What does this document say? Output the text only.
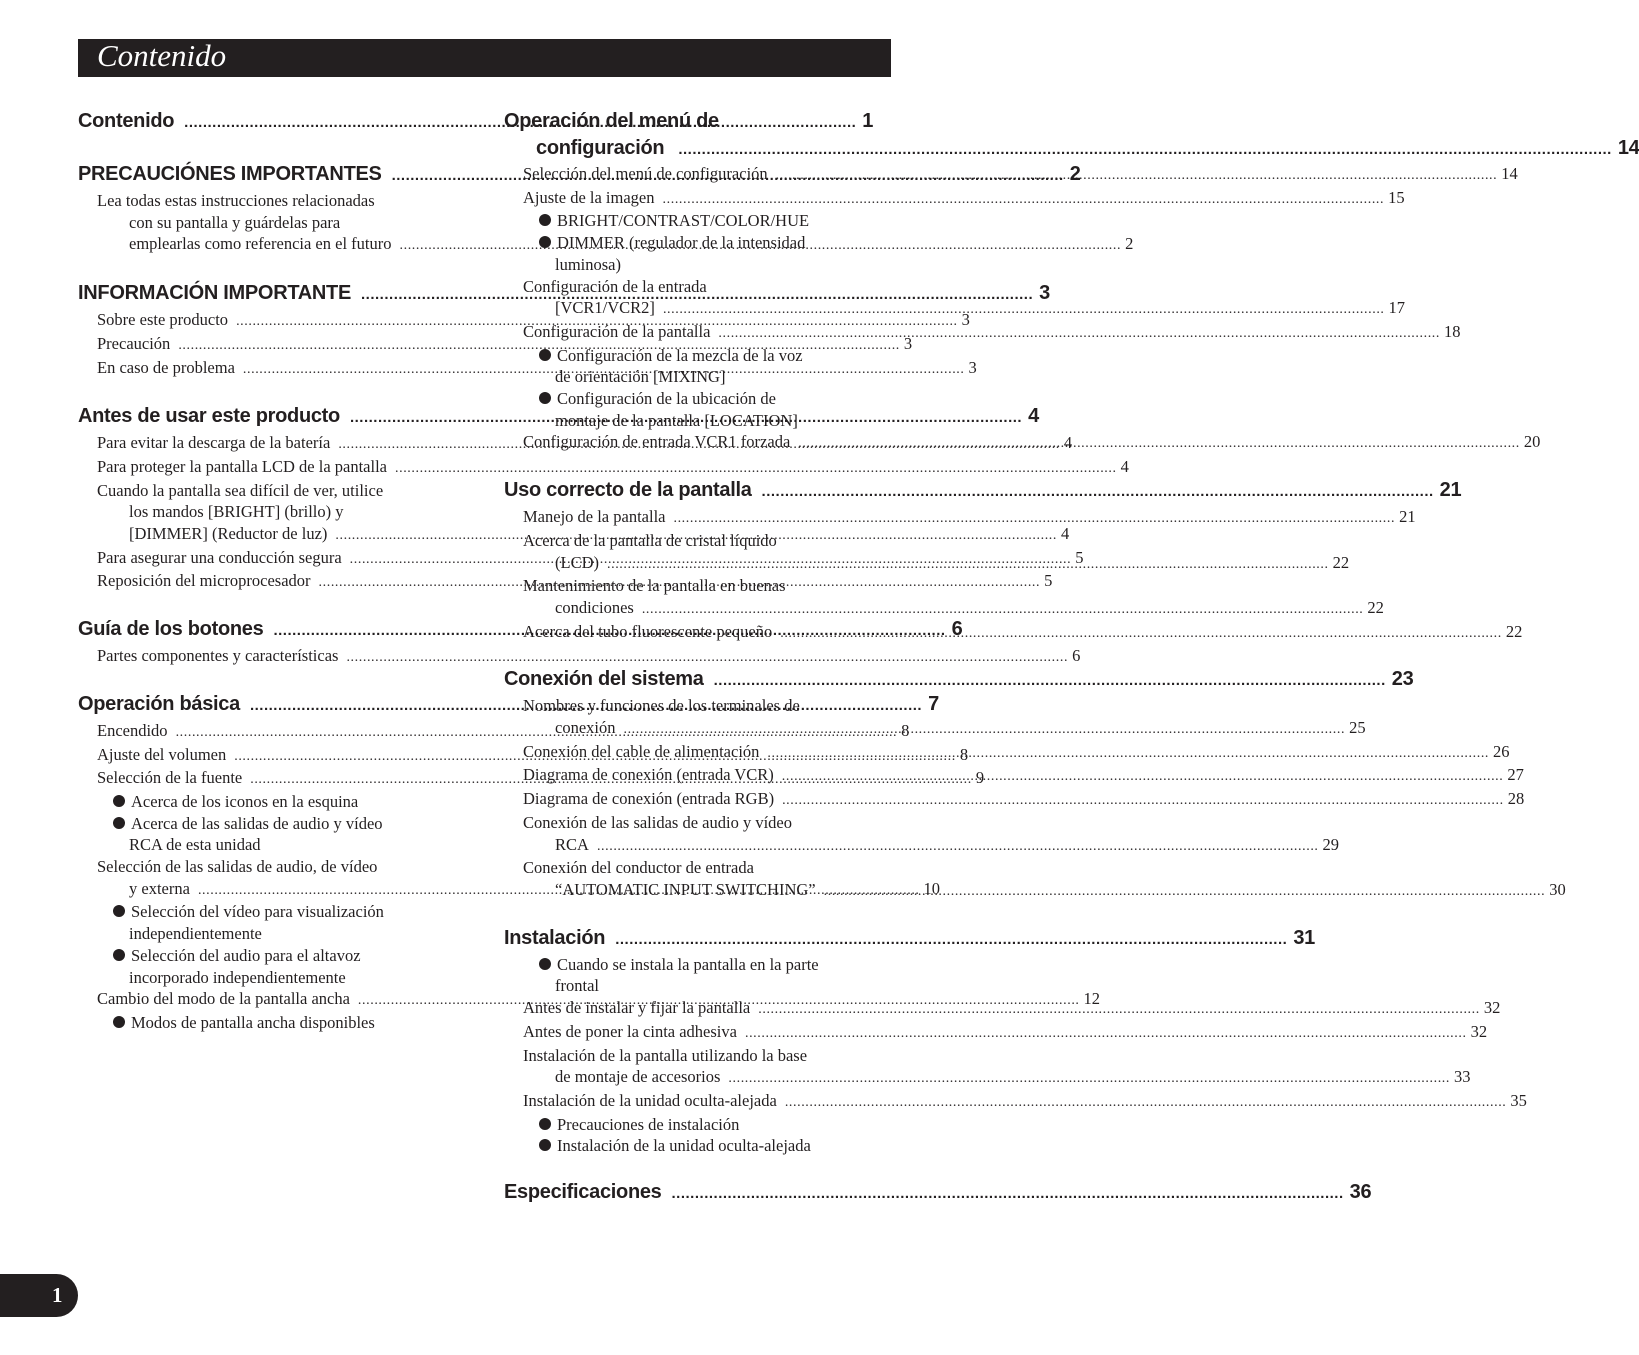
Contenido
Contenido .....	1
PRECAUCIÓNES IMPORTANTES .....	2
Lea todas estas instrucciones relacionadas
con su pantalla y guárdelas para
emplearlas como referencia en el futuro .....	2
INFORMACIÓN IMPORTANTE .....	3
Sobre este producto .....	3
Precaución .....	3
En caso de problema .....	3
Antes de usar este producto .....	4
Para evitar la descarga de la batería .....	4
Para proteger la pantalla LCD de la pantalla .....	4
Cuando la pantalla sea difícil de ver, utilice
los mandos [BRIGHT] (brillo) y
[DIMMER] (Reductor de luz) .....	4
Para asegurar una conducción segura .....	5
Reposición del microprocesador .....	5
Guía de los botones .....	6
Partes componentes y características .....	6
Operación básica .....	7
Encendido .....	8
Ajuste del volumen .....	8
Selección de la fuente .....	9
Acerca de los iconos en la esquina
Acerca de las salidas de audio y vídeo
RCA de esta unidad
Selección de las salidas de audio, de vídeo
y externa .....	10
Selección del vídeo para visualización
independientemente
Selección del audio para el altavoz
incorporado independientemente
Cambio del modo de la pantalla ancha .....	12
Modos de pantalla ancha disponibles
Operación del menú de
configuración ........................................................................................................................................................................................................ 14
Selección del menú de configuración .....	14
Ajuste de la imagen .....	15
BRIGHT/CONTRAST/COLOR/HUE
DIMMER (regulador de la intensidad
luminosa)
Configuración de la entrada
[VCR1/VCR2] .....	17
Configuración de la pantalla .....	18
Configuración de la mezcla de la voz
de orientación [MIXING]
Configuración de la ubicación de
montaje de la pantalla [LOCATION]
Configuración de entrada VCR1 forzada .....	20
Uso correcto de la pantalla .....	21
Manejo de la pantalla .....	21
Acerca de la pantalla de cristal líquido
(LCD) .....	22
Mantenimiento de la pantalla en buenas
condiciones .....	22
Acerca del tubo fluorescente pequeño .....	22
Conexión del sistema .....	23
Nombres y funciones de los terminales de
conexión .....	25
Conexión del cable de alimentación .....	26
Diagrama de conexión (entrada VCR) .....	27
Diagrama de conexión (entrada RGB) .....	28
Conexión de las salidas de audio y vídeo
RCA .....	29
Conexión del conductor de entrada
“AUTOMATIC INPUT SWITCHING” .....	30
Instalación .....	31
Cuando se instala la pantalla en la parte
frontal
Antes de instalar y fijar la pantalla .....	32
Antes de poner la cinta adhesiva .....	32
Instalación de la pantalla utilizando la base
de montaje de accesorios .....	33
Instalación de la unidad oculta-alejada .....	35
Precauciones de instalación
Instalación de la unidad oculta-alejada
Especificaciones .....	36
1
